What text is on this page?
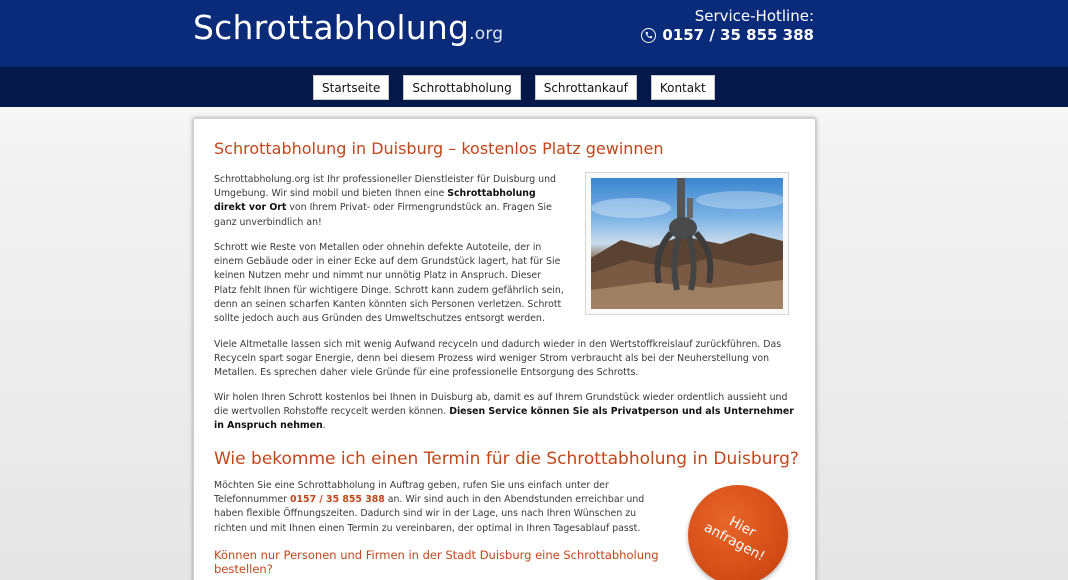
Schrottabholung.org
Service-Hotline:
0157 / 35 855 388
Startseite	Schrottabholung	Schrottankauf	Kontakt
Schrottabholung in Duisburg – kostenlos Platz gewinnen
Schrottabholung.org ist Ihr professioneller Dienstleister für Duisburg und Umgebung. Wir sind mobil und bieten Ihnen eine Schrottabholung direkt vor Ort von Ihrem Privat- oder Firmengrundstück an. Fragen Sie ganz unverbindlich an!
Schrott wie Reste von Metallen oder ohnehin defekte Autoteile, der in einem Gebäude oder in einer Ecke auf dem Grundstück lagert, hat für Sie keinen Nutzen mehr und nimmt nur unnötig Platz in Anspruch. Dieser Platz fehlt Ihnen für wichtigere Dinge. Schrott kann zudem gefährlich sein, denn an seinen scharfen Kanten könnten sich Personen verletzen. Schrott sollte jedoch auch aus Gründen des Umweltschutzes entsorgt werden.
Viele Altmetalle lassen sich mit wenig Aufwand recyceln und dadurch wieder in den Wertstoffkreislauf zurückführen. Das Recyceln spart sogar Energie, denn bei diesem Prozess wird weniger Strom verbraucht als bei der Neuherstellung von Metallen. Es sprechen daher viele Gründe für eine professionelle Entsorgung des Schrotts.
Wir holen Ihren Schrott kostenlos bei Ihnen in Duisburg ab, damit es auf Ihrem Grundstück wieder ordentlich aussieht und die wertvollen Rohstoffe recycelt werden können. Diesen Service können Sie als Privatperson und als Unternehmer in Anspruch nehmen.
Wie bekomme ich einen Termin für die Schrottabholung in Duisburg?
Möchten Sie eine Schrottabholung in Auftrag geben, rufen Sie uns einfach unter der Telefonnummer 0157 / 35 855 388 an. Wir sind auch in den Abendstunden erreichbar und haben flexible Öffnungszeiten. Dadurch sind wir in der Lage, uns nach Ihren Wünschen zu richten und mit Ihnen einen Termin zu vereinbaren, der optimal in Ihren Tagesablauf passt.
Können nur Personen und Firmen in der Stadt Duisburg eine Schrottabholung bestellen?
Hier
anfragen!
